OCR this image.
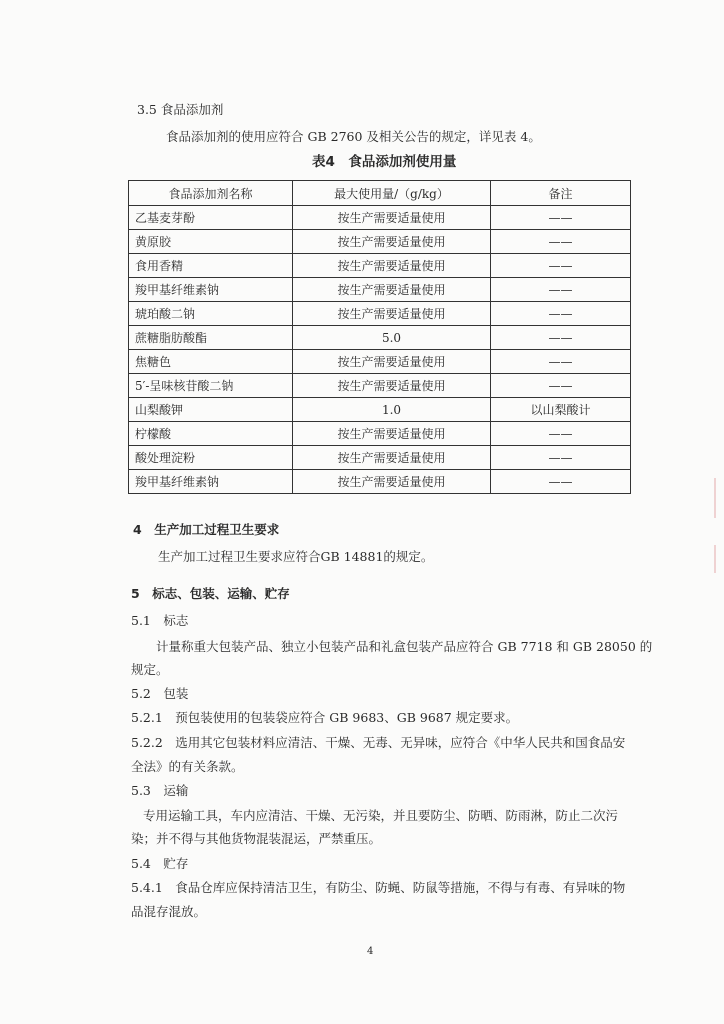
3.5 食品添加剂
食品添加剂的使用应符合 GB 2760 及相关公告的规定，详见表 4。
表4　食品添加剂使用量
食品添加剂名称	最大使用量/（g/kg）	备注
乙基麦芽酚	按生产需要适量使用	——
黄原胶	按生产需要适量使用	——
食用香精	按生产需要适量使用	——
羧甲基纤维素钠	按生产需要适量使用	——
琥珀酸二钠	按生产需要适量使用	——
蔗糖脂肪酸酯	5.0	——
焦糖色	按生产需要适量使用	——
5′-呈味核苷酸二钠	按生产需要适量使用	——
山梨酸钾	1.0	以山梨酸计
柠檬酸	按生产需要适量使用	——
酸处理淀粉	按生产需要适量使用	——
羧甲基纤维素钠	按生产需要适量使用	——
4　生产加工过程卫生要求
生产加工过程卫生要求应符合GB 14881的规定。
5　标志、包装、运输、贮存
5.1　标志
计量称重大包装产品、独立小包装产品和礼盒包装产品应符合 GB 7718 和 GB 28050 的
规定。
5.2　包装
5.2.1　预包装使用的包装袋应符合 GB 9683、GB 9687 规定要求。
5.2.2　选用其它包装材料应清洁、干燥、无毒、无异味，应符合《中华人民共和国食品安
全法》的有关条款。
5.3　运输
专用运输工具，车内应清洁、干燥、无污染，并且要防尘、防晒、防雨淋，防止二次污
染；并不得与其他货物混装混运，严禁重压。
5.4　贮存
5.4.1　食品仓库应保持清洁卫生，有防尘、防蝇、防鼠等措施，不得与有毒、有异味的物
品混存混放。
4
